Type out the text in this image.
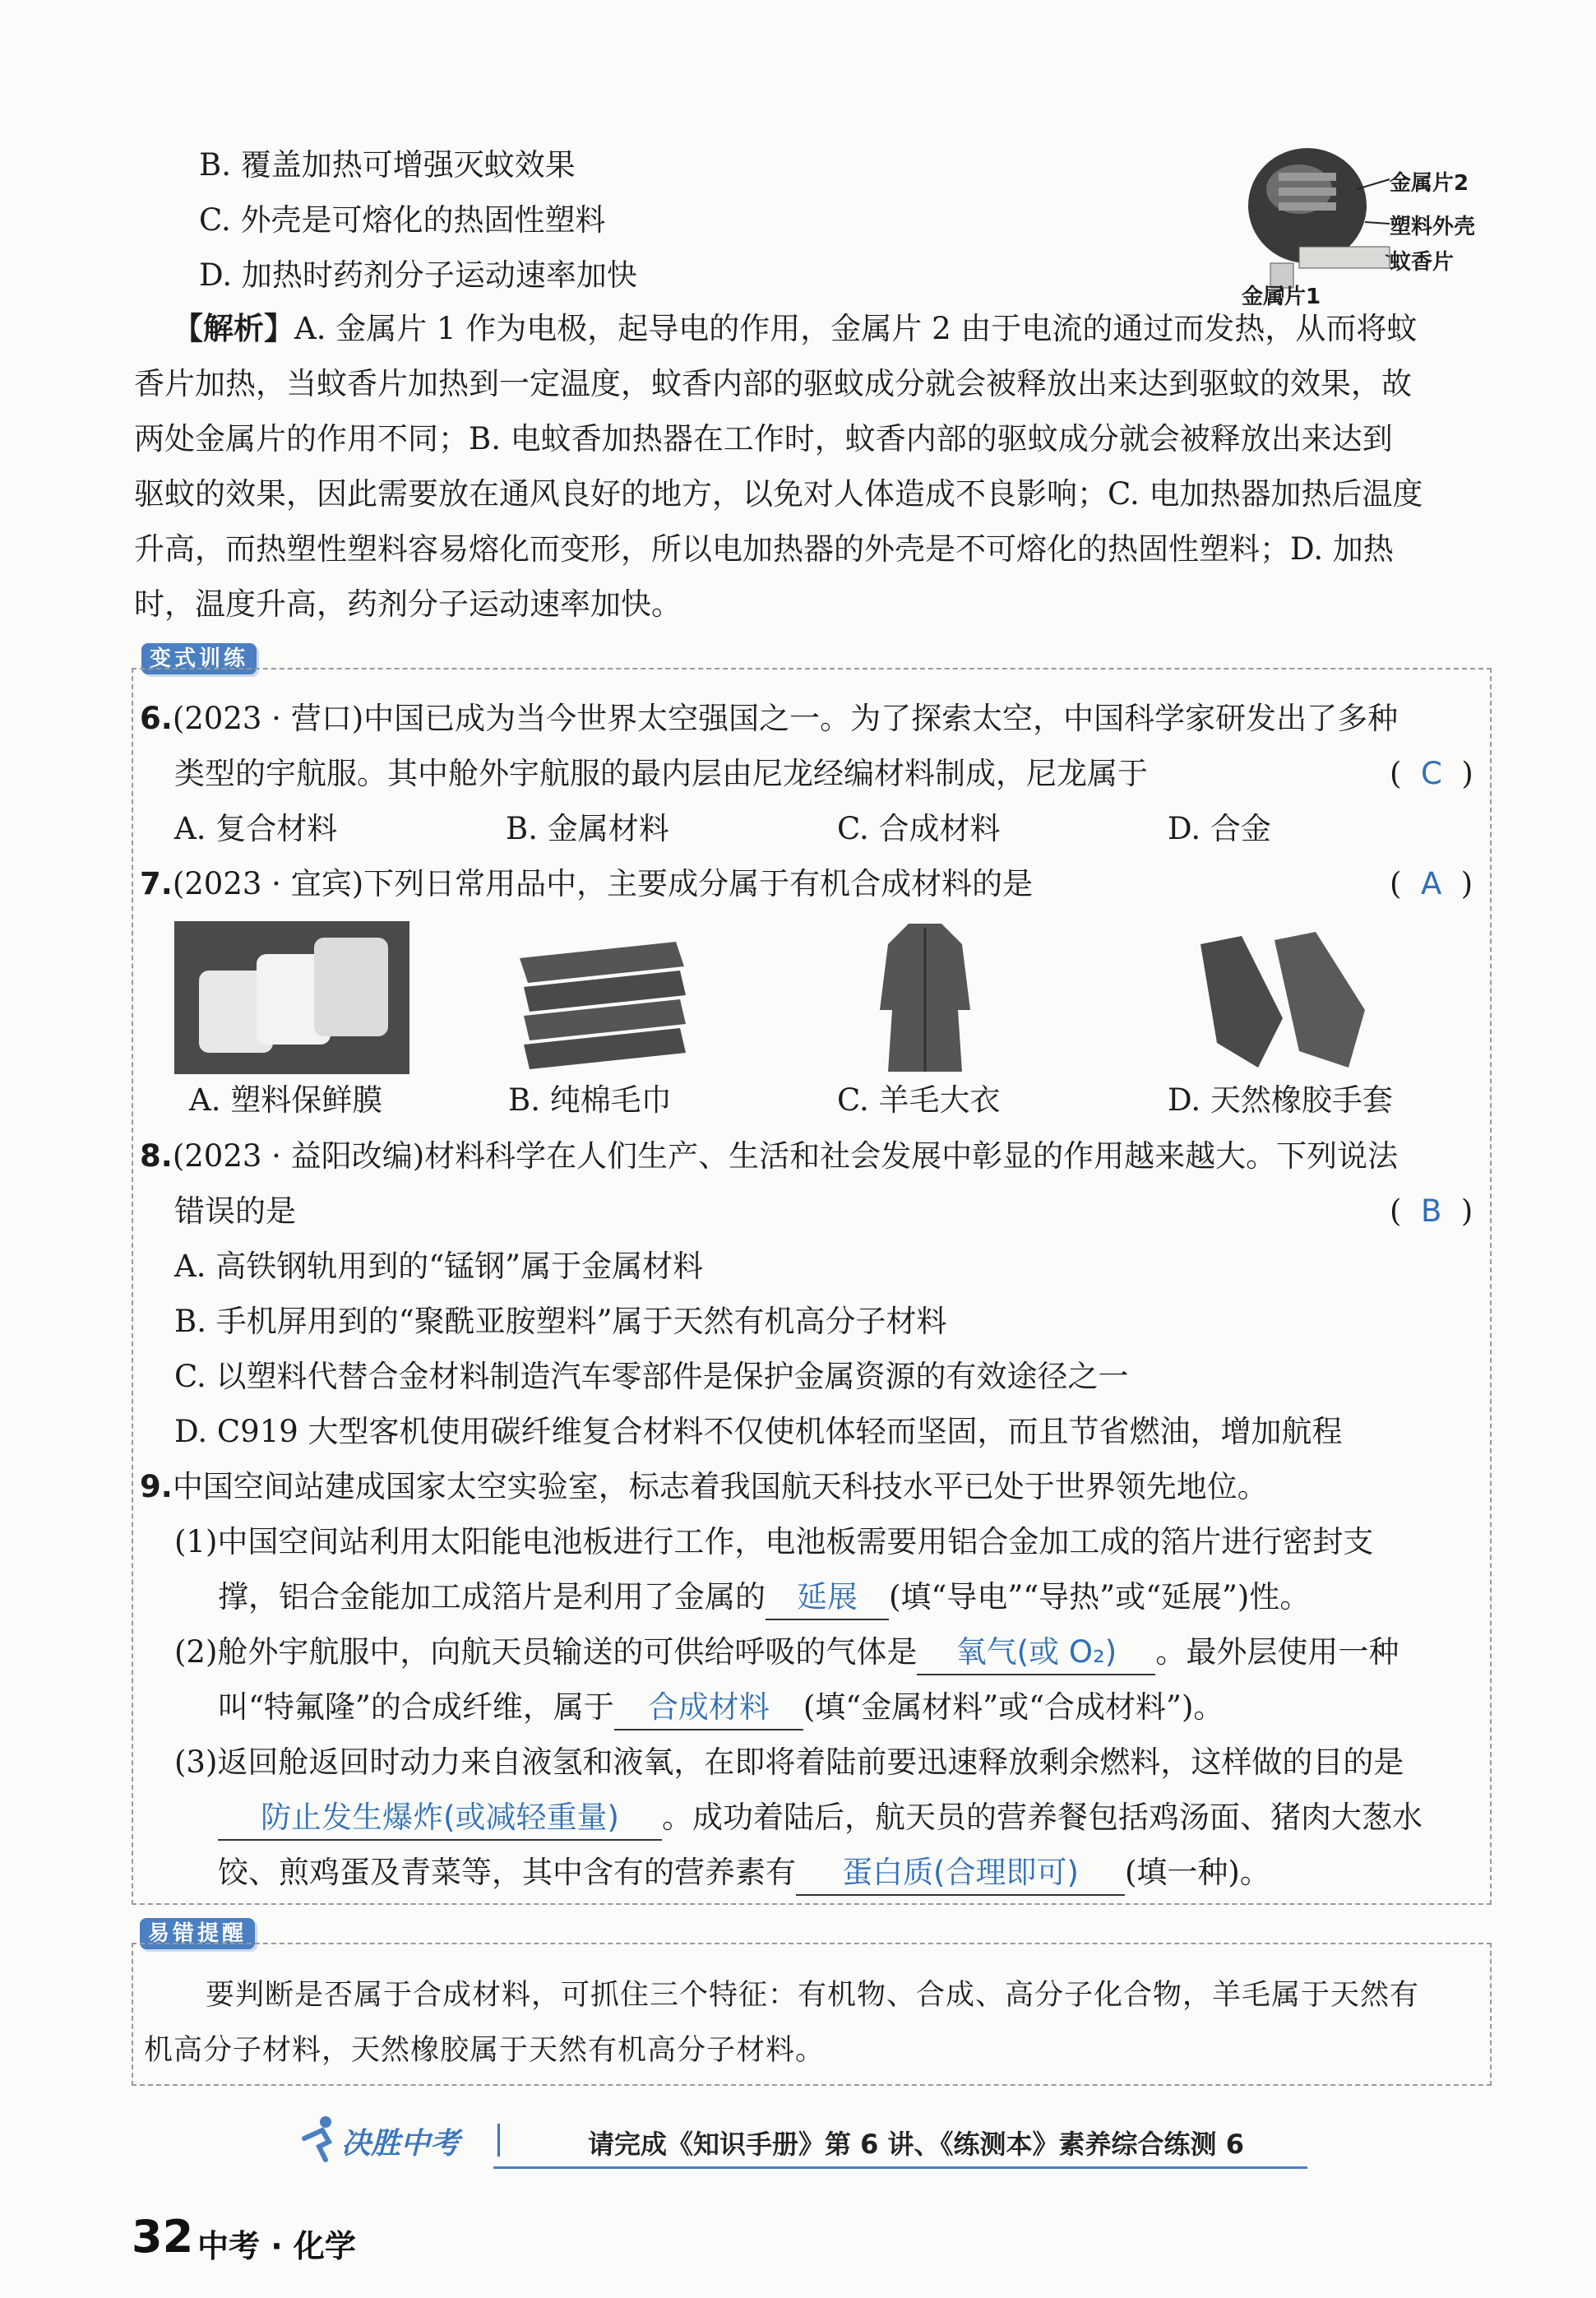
B. 覆盖加热可增强灭蚊效果
C. 外壳是可熔化的热固性塑料
D. 加热时药剂分子运动速率加快
金属片2
塑料外壳
蚊香片
金属片1
【解析】A. 金属片 1 作为电极，起导电的作用，金属片 2 由于电流的通过而发热，从而将蚊
香片加热，当蚊香片加热到一定温度，蚊香内部的驱蚊成分就会被释放出来达到驱蚊的效果，故
两处金属片的作用不同；B. 电蚊香加热器在工作时，蚊香内部的驱蚊成分就会被释放出来达到
驱蚊的效果，因此需要放在通风良好的地方，以免对人体造成不良影响；C. 电加热器加热后温度
升高，而热塑性塑料容易熔化而变形，所以电加热器的外壳是不可熔化的热固性塑料；D. 加热
时，温度升高，药剂分子运动速率加快。
变式训练
6.(2023 · 营口)中国已成为当今世界太空强国之一。为了探索太空，中国科学家研发出了多种
类型的宇航服。其中舱外宇航服的最内层由尼龙经编材料制成，尼龙属于	(  C  )
A. 复合材料	B. 金属材料	C. 合成材料	D. 合金
7.(2023 · 宜宾)下列日常用品中，主要成分属于有机合成材料的是	(  A  )
A. 塑料保鲜膜	B. 纯棉毛巾	C. 羊毛大衣	D. 天然橡胶手套
8.(2023 · 益阳改编)材料科学在人们生产、生活和社会发展中彰显的作用越来越大。下列说法
错误的是	(  B  )
A. 高铁钢轨用到的“锰钢”属于金属材料
B. 手机屏用到的“聚酰亚胺塑料”属于天然有机高分子材料
C. 以塑料代替合金材料制造汽车零部件是保护金属资源的有效途径之一
D. C919 大型客机使用碳纤维复合材料不仅使机体轻而坚固，而且节省燃油，增加航程
9.中国空间站建成国家太空实验室，标志着我国航天科技水平已处于世界领先地位。
(1)中国空间站利用太阳能电池板进行工作，电池板需要用铝合金加工成的箔片进行密封支
撑，铝合金能加工成箔片是利用了金属的 延展 (填“导电”“导热”或“延展”)性。
(2)舱外宇航服中，向航天员输送的可供给呼吸的气体是 氧气(或 O₂) 。最外层使用一种
叫“特氟隆”的合成纤维，属于 合成材料 (填“金属材料”或“合成材料”)。
(3)返回舱返回时动力来自液氢和液氧，在即将着陆前要迅速释放剩余燃料，这样做的目的是
防止发生爆炸(或减轻重量) 。成功着陆后，航天员的营养餐包括鸡汤面、猪肉大葱水
饺、煎鸡蛋及青菜等，其中含有的营养素有 蛋白质(合理即可) (填一种)。
易错提醒
要判断是否属于合成材料，可抓住三个特征：有机物、合成、高分子化合物，羊毛属于天然有
机高分子材料，天然橡胶属于天然有机高分子材料。
决胜中考	请完成《知识手册》第 6 讲、《练测本》素养综合练测 6
32 中考 · 化学
